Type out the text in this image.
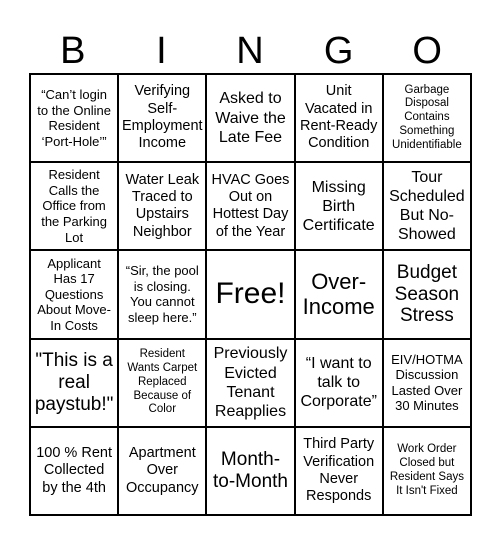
B	I	N	G	O
“Can’t login to the Online Resident ‘Port-Hole’”
Verifying Self-Employment Income
Asked to Waive the Late Fee
Unit Vacated in Rent-Ready Condition
Garbage Disposal Contains Something Unidentifiable
Resident Calls the Office from the Parking Lot
Water Leak Traced to Upstairs Neighbor
HVAC Goes Out on Hottest Day of the Year
Missing Birth Certificate
Tour Scheduled But No-Showed
Applicant Has 17 Questions About Move-In Costs
“Sir, the pool is closing. You cannot sleep here.”
Free!	Over-Income
Budget Season Stress
"This is a real paystub!"
Resident Wants Carpet Replaced Because of Color
Previously Evicted Tenant Reapplies
“I want to talk to Corporate”
EIV/HOTMA Discussion Lasted Over 30 Minutes
100 % Rent Collected by the 4th
Apartment Over Occupancy
Month-to-Month
Third Party Verification Never Responds
Work Order Closed but Resident Says It Isn't Fixed
